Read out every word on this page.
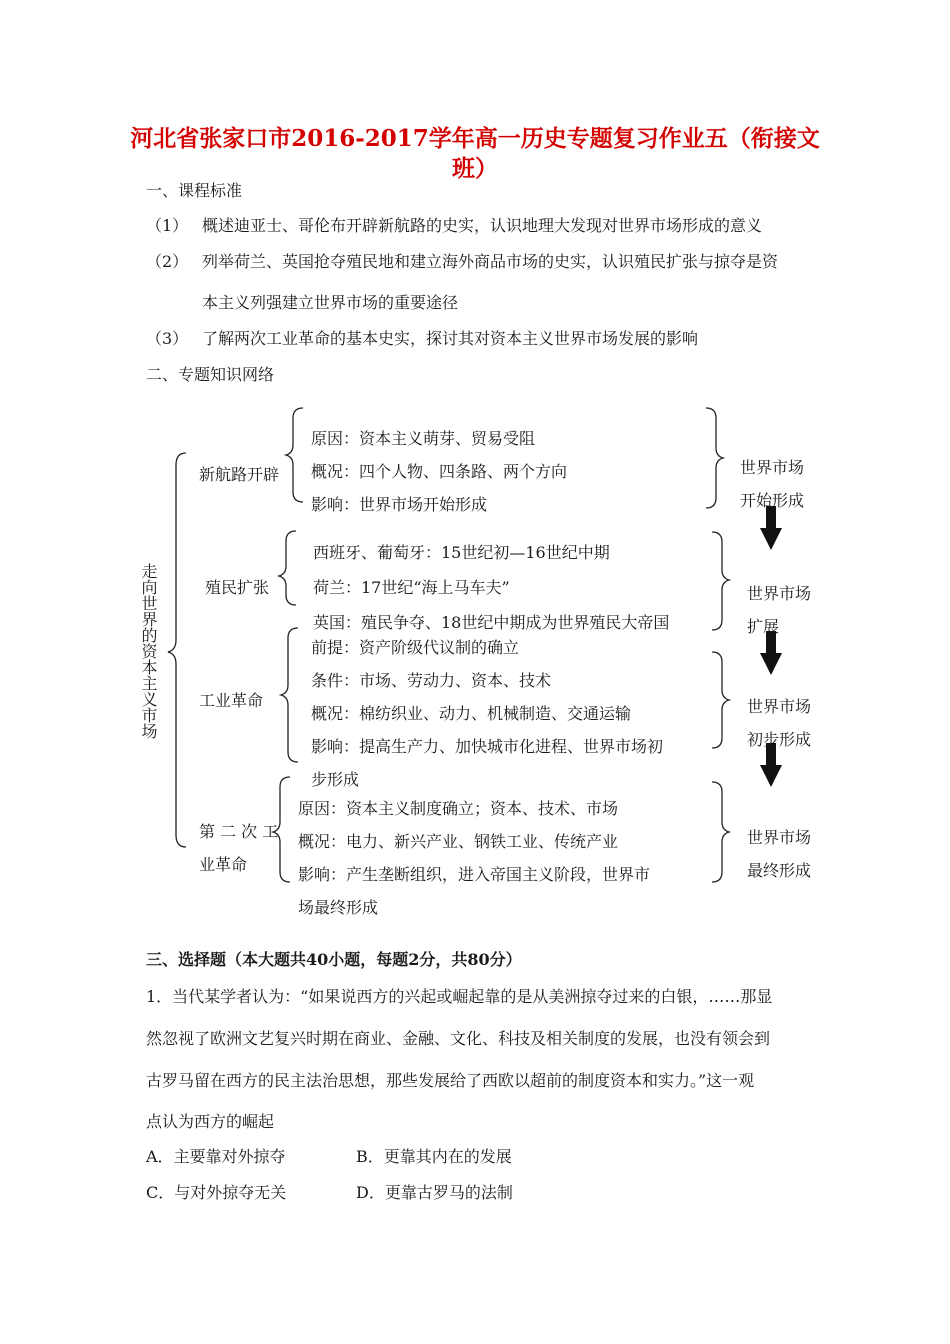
河北省张家口市2016-2017学年高一历史专题复习作业五（衔接文
班）
一、课程标准
（1） 概述迪亚士、哥伦布开辟新航路的史实，认识地理大发现对世界市场形成的意义
（2） 列举荷兰、英国抢夺殖民地和建立海外商品市场的史实，认识殖民扩张与掠夺是资
本主义列强建立世界市场的重要途径
（3） 了解两次工业革命的基本史实，探讨其对资本主义世界市场发展的影响
二、专题知识网络
走向世界的资本主义市场
新航路开辟
原因：资本主义萌芽、贸易受阻
概况：四个人物、四条路、两个方向
影响：世界市场开始形成
世界市场
开始形成
殖民扩张
西班牙、葡萄牙：15世纪初—16世纪中期
荷兰：17世纪“海上马车夫”
英国：殖民争夺、18世纪中期成为世界殖民大帝国
世界市场
扩展
工业革命
前提：资产阶级代议制的确立
条件：市场、劳动力、资本、技术
概况：棉纺织业、动力、机械制造、交通运输
影响：提高生产力、加快城市化进程、世界市场初
步形成
世界市场
初步形成
第 二 次 工
业革命
原因：资本主义制度确立；资本、技术、市场
概况：电力、新兴产业、钢铁工业、传统产业
影响：产生垄断组织，进入帝国主义阶段，世界市
场最终形成
世界市场
最终形成
三、选择题（本大题共40小题，每题2分，共80分）
1．当代某学者认为：“如果说西方的兴起或崛起靠的是从美洲掠夺过来的白银，……那显
然忽视了欧洲文艺复兴时期在商业、金融、文化、科技及相关制度的发展，也没有领会到
古罗马留在西方的民主法治思想，那些发展给了西欧以超前的制度资本和实力。”这一观
点认为西方的崛起
A．主要靠对外掠夺	B．更靠其内在的发展
C．与对外掠夺无关	D．更靠古罗马的法制
